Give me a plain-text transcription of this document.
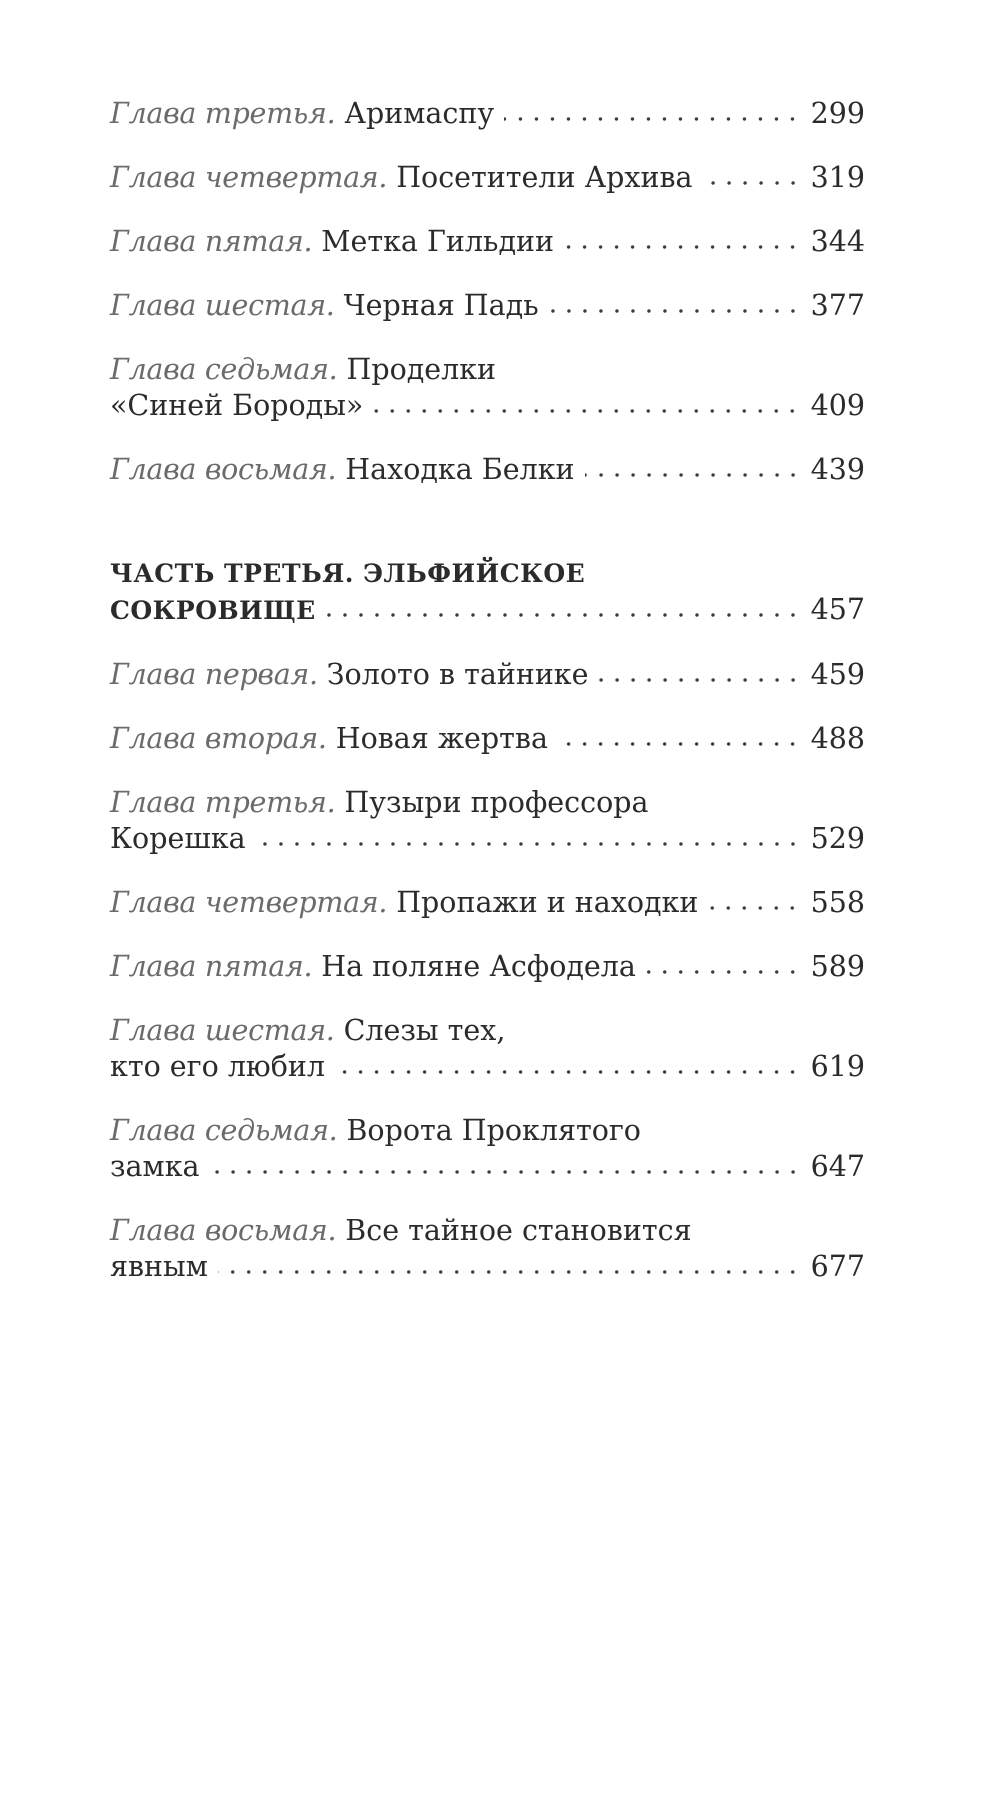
Глава третья. Аримаспу	299
Глава четвертая. Посетители Архива	319
Глава пятая. Метка Гильдии	344
Глава шестая. Черная Падь	377
Глава седьмая. Проделки
«Синей Бороды»	409
Глава восьмая. Находка Белки	439
ЧАСТЬ ТРЕТЬЯ. ЭЛЬФИЙСКОЕ
СОКРОВИЩЕ	457
Глава первая. Золото в тайнике	459
Глава вторая. Новая жертва	488
Глава третья. Пузыри профессора
Корешка	529
Глава четвертая. Пропажи и находки	558
Глава пятая. На поляне Асфодела	589
Глава шестая. Слезы тех,
кто его любил	619
Глава седьмая. Ворота Проклятого
замка	647
Глава восьмая. Все тайное становится
явным	677
